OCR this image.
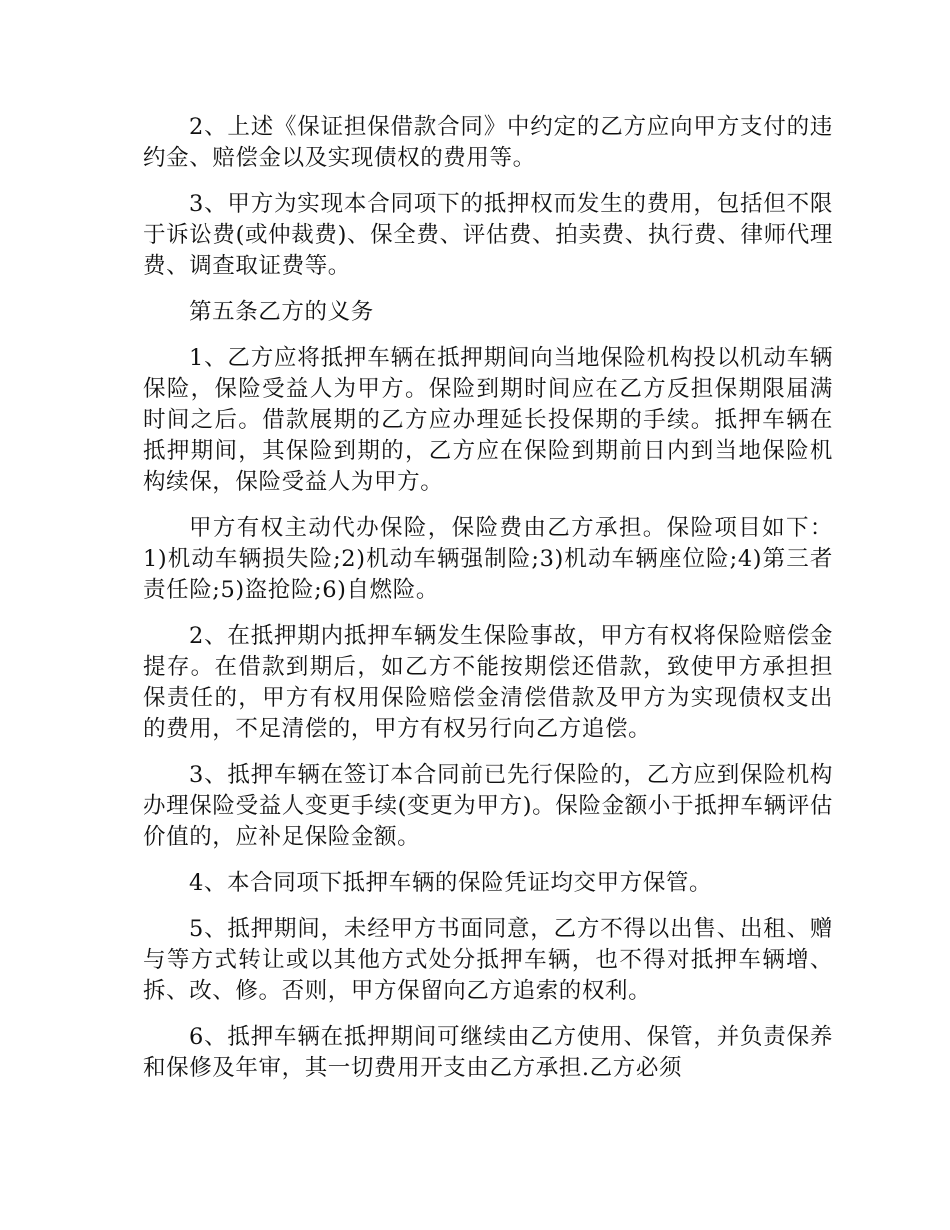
2、上述《保证担保借款合同》中约定的乙方应向甲方支付的违约金、赔偿金以及实现债权的费用等。

3、甲方为实现本合同项下的抵押权而发生的费用，包括但不限于诉讼费(或仲裁费)、保全费、评估费、拍卖费、执行费、律师代理费、调查取证费等。

第五条乙方的义务

1、乙方应将抵押车辆在抵押期间向当地保险机构投以机动车辆保险，保险受益人为甲方。保险到期时间应在乙方反担保期限届满时间之后。借款展期的乙方应办理延长投保期的手续。抵押车辆在抵押期间，其保险到期的，乙方应在保险到期前日内到当地保险机构续保，保险受益人为甲方。

甲方有权主动代办保险，保险费由乙方承担。保险项目如下：1)机动车辆损失险;2)机动车辆强制险;3)机动车辆座位险;4)第三者责任险;5)盗抢险;6)自燃险。

2、在抵押期内抵押车辆发生保险事故，甲方有权将保险赔偿金提存。在借款到期后，如乙方不能按期偿还借款，致使甲方承担担保责任的，甲方有权用保险赔偿金清偿借款及甲方为实现债权支出的费用，不足清偿的，甲方有权另行向乙方追偿。

3、抵押车辆在签订本合同前已先行保险的，乙方应到保险机构办理保险受益人变更手续(变更为甲方)。保险金额小于抵押车辆评估价值的，应补足保险金额。

4、本合同项下抵押车辆的保险凭证均交甲方保管。

5、抵押期间，未经甲方书面同意，乙方不得以出售、出租、赠与等方式转让或以其他方式处分抵押车辆，也不得对抵押车辆增、拆、改、修。否则，甲方保留向乙方追索的权利。

6、抵押车辆在抵押期间可继续由乙方使用、保管，并负责保养和保修及年审，其一切费用开支由乙方承担.乙方必须
